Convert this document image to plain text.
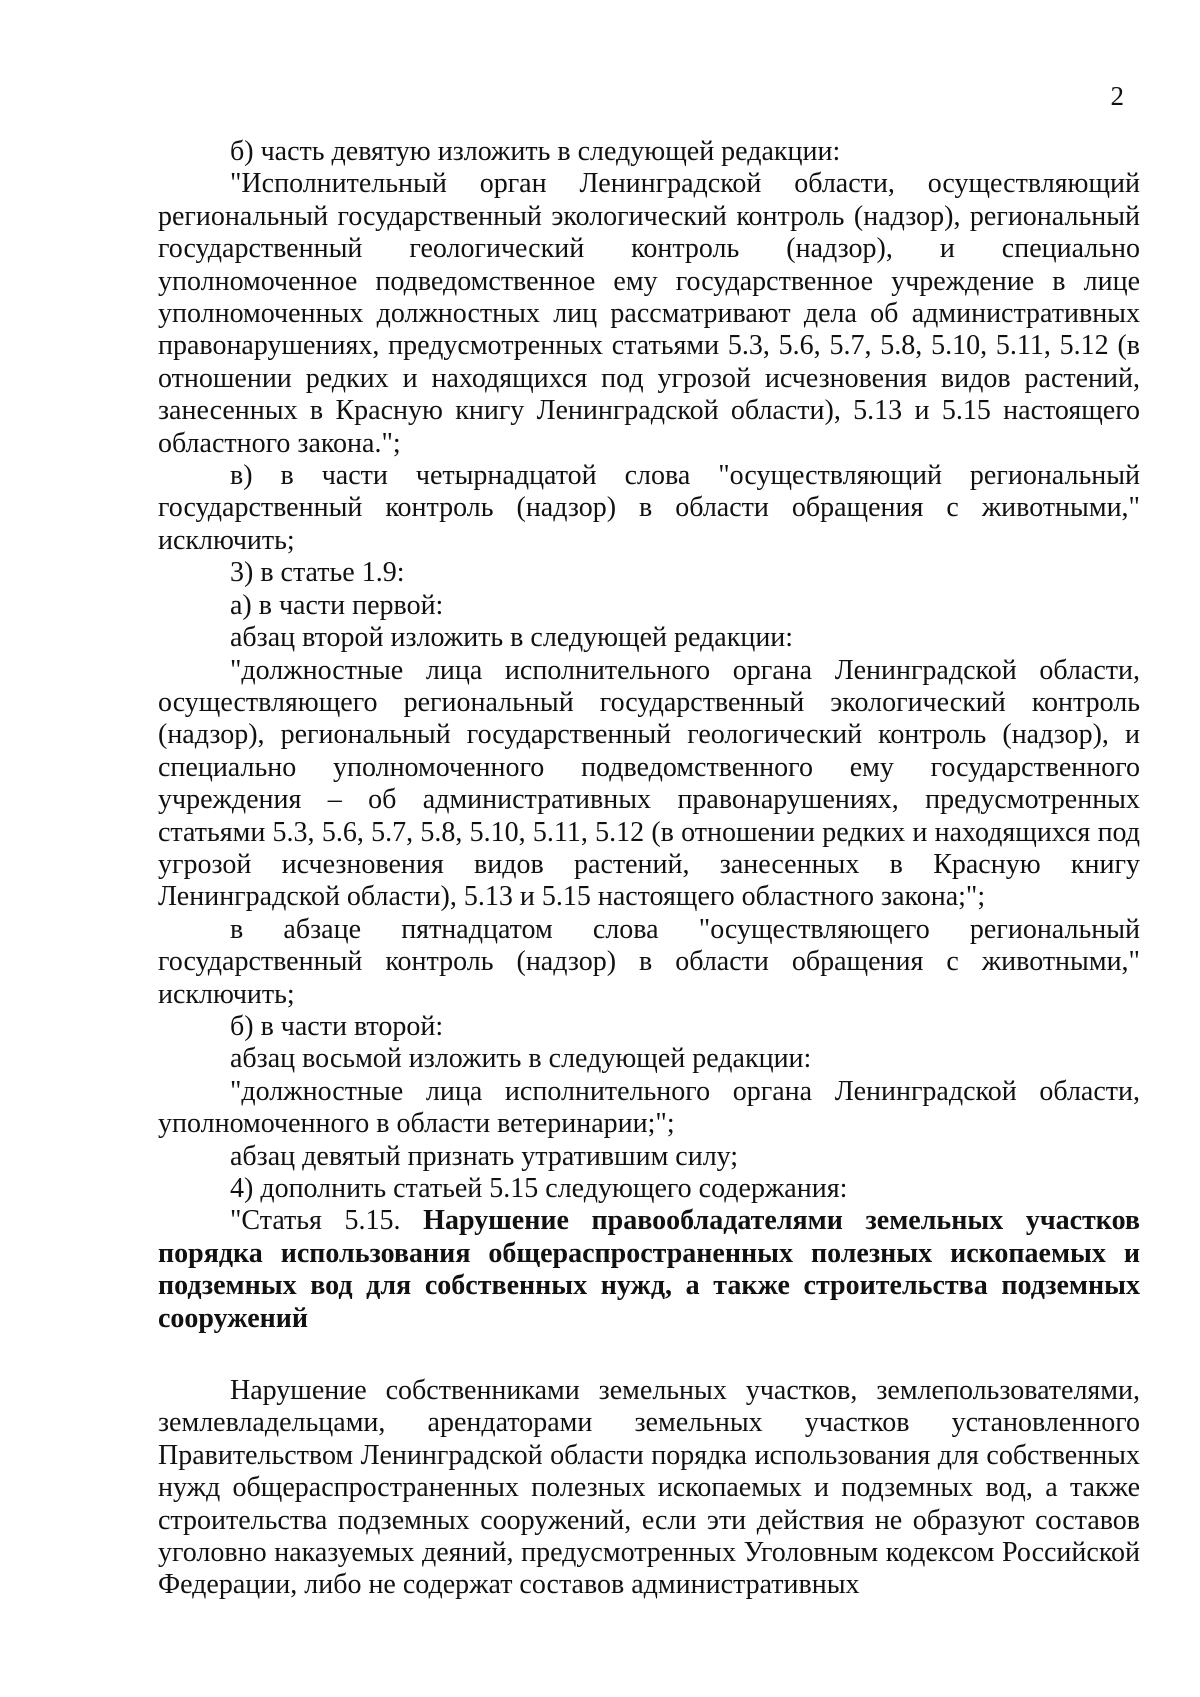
2

б) часть девятую изложить в следующей редакции:

"Исполнительный орган Ленинградской области, осуществляющий региональный государственный экологический контроль (надзор), региональный государственный геологический контроль (надзор), и специально уполномоченное подведомственное ему государственное учреждение в лице уполномоченных должностных лиц рассматривают дела об административных правонарушениях, предусмотренных статьями 5.3, 5.6, 5.7, 5.8, 5.10, 5.11, 5.12 (в отношении редких и находящихся под угрозой исчезновения видов растений, занесенных в Красную книгу Ленинградской области), 5.13 и 5.15 настоящего областного закона.";

в) в части четырнадцатой слова "осуществляющий региональный государственный контроль (надзор) в области обращения с животными," исключить;

3) в статье 1.9:

а) в части первой:

абзац второй изложить в следующей редакции:

"должностные лица исполнительного органа Ленинградской области, осуществляющего региональный государственный экологический контроль (надзор), региональный государственный геологический контроль (надзор), и специально уполномоченного подведомственного ему государственного учреждения – об административных правонарушениях, предусмотренных статьями 5.3, 5.6, 5.7, 5.8, 5.10, 5.11, 5.12 (в отношении редких и находящихся под угрозой исчезновения видов растений, занесенных в Красную книгу Ленинградской области), 5.13 и 5.15 настоящего областного закона;";

в абзаце пятнадцатом слова "осуществляющего региональный государственный контроль (надзор) в области обращения с животными," исключить;

б) в части второй:

абзац восьмой изложить в следующей редакции:

"должностные лица исполнительного органа Ленинградской области, уполномоченного в области ветеринарии;";

абзац девятый признать утратившим силу;

4) дополнить статьей 5.15 следующего содержания:

"Статья 5.15. Нарушение правообладателями земельных участков порядка использования общераспространенных полезных ископаемых и подземных вод для собственных нужд, а также строительства подземных сооружений

Нарушение собственниками земельных участков, землепользователями, землевладельцами, арендаторами земельных участков установленного Правительством Ленинградской области порядка использования для собственных нужд общераспространенных полезных ископаемых и подземных вод, а также строительства подземных сооружений, если эти действия не образуют составов уголовно наказуемых деяний, предусмотренных Уголовным кодексом Российской Федерации, либо не содержат составов административных
